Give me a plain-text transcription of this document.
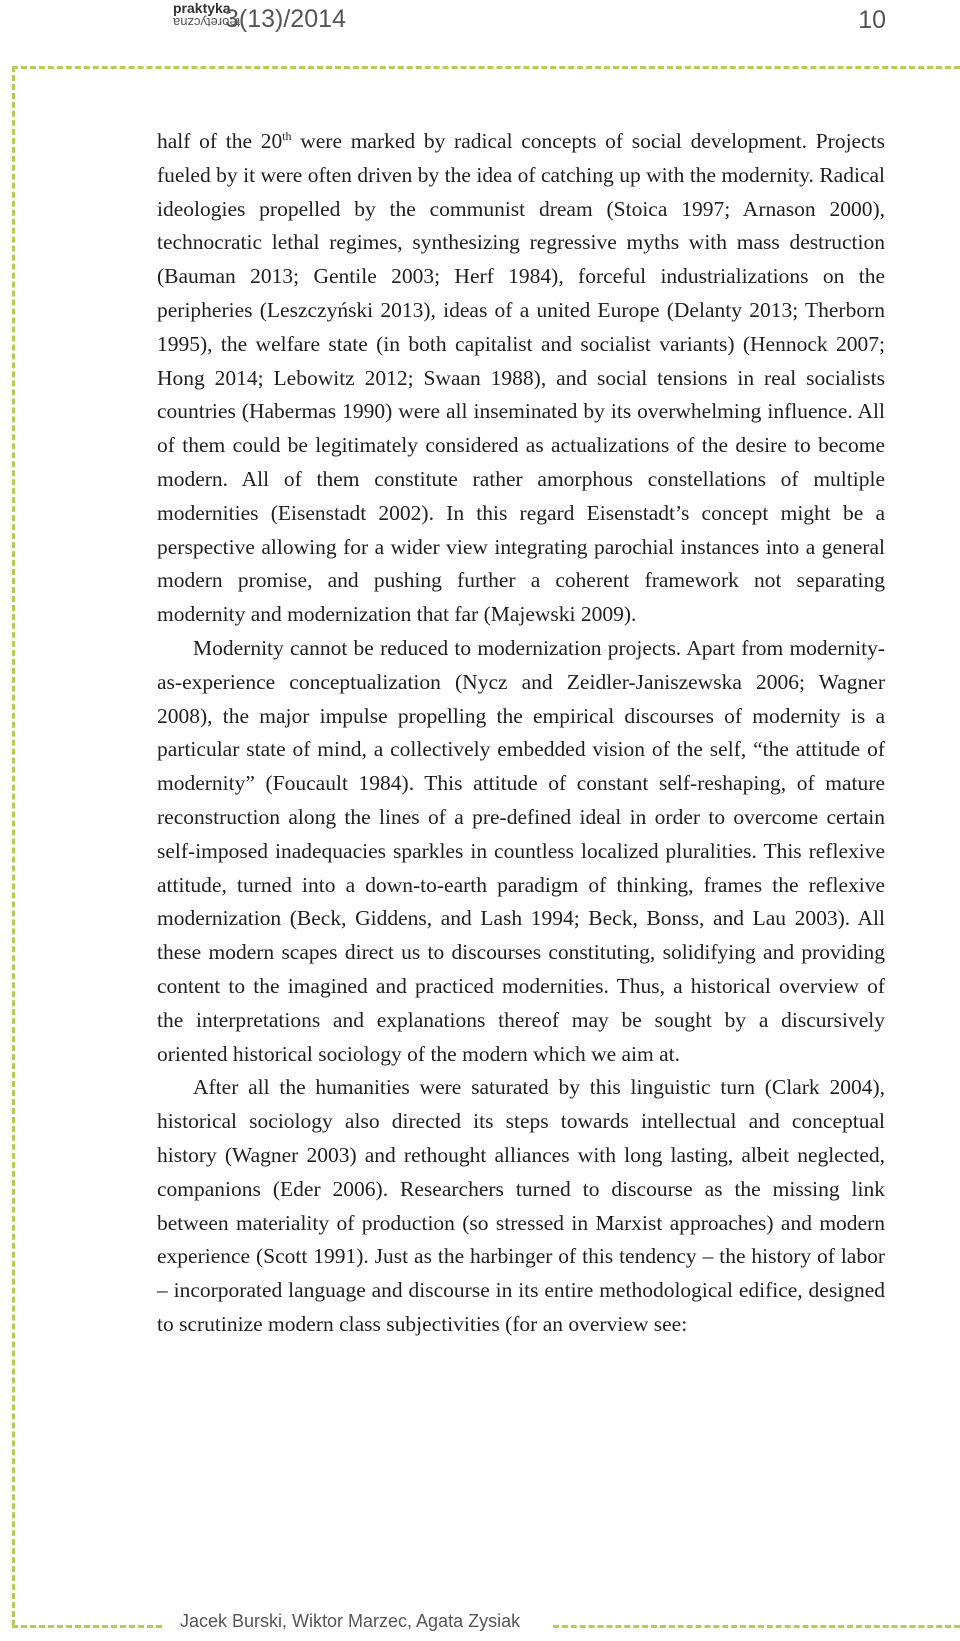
praktyka
teoretyczna
3(13)/2014	10

half of the 20th were marked by radical concepts of social development. Projects fueled by it were often driven by the idea of catching up with the modernity. Radical ideologies propelled by the communist dream (Stoica 1997; Arnason 2000), technocratic lethal regimes, synthesizing regressive myths with mass destruction (Bauman 2013; Gentile 2003; Herf 1984), forceful industrializations on the peripheries (Leszczyński 2013), ideas of a united Europe (Delanty 2013; Therborn 1995), the welfare state (in both capitalist and socialist variants) (Hennock 2007; Hong 2014; Lebowitz 2012; Swaan 1988), and social tensions in real socialists countries (Habermas 1990) were all inseminated by its overwhelming influence. All of them could be legitimately considered as actualizations of the desire to become modern. All of them constitute rather amorphous constellations of multiple modernities (Eisenstadt 2002). In this regard Eisenstadt’s concept might be a perspective allowing for a wider view integrating parochial instances into a general modern promise, and pushing further a coherent framework not separating modernity and modernization that far (Majewski 2009).

Modernity cannot be reduced to modernization projects. Apart from modernity-as-experience conceptualization (Nycz and Zeidler-Janiszewska 2006; Wagner 2008), the major impulse propelling the empirical discourses of modernity is a particular state of mind, a collectively embedded vision of the self, “the attitude of modernity” (Foucault 1984). This attitude of constant self-reshaping, of mature reconstruction along the lines of a pre-defined ideal in order to overcome certain self-imposed inadequacies sparkles in countless localized pluralities. This reflexive attitude, turned into a down-to-earth paradigm of thinking, frames the reflexive modernization (Beck, Giddens, and Lash 1994; Beck, Bonss, and Lau 2003). All these modern scapes direct us to discourses constituting, solidifying and providing content to the imagined and practiced modernities. Thus, a historical overview of the interpretations and explanations thereof may be sought by a discursively oriented historical sociology of the modern which we aim at.

After all the humanities were saturated by this linguistic turn (Clark 2004), historical sociology also directed its steps towards intellectual and conceptual history (Wagner 2003) and rethought alliances with long lasting, albeit neglected, companions (Eder 2006). Researchers turned to discourse as the missing link between materiality of production (so stressed in Marxist approaches) and modern experience (Scott 1991). Just as the harbinger of this tendency – the history of labor – incorporated language and discourse in its entire methodological edifice, designed to scrutinize modern class subjectivities (for an overview see:

Jacek Burski, Wiktor Marzec, Agata Zysiak
